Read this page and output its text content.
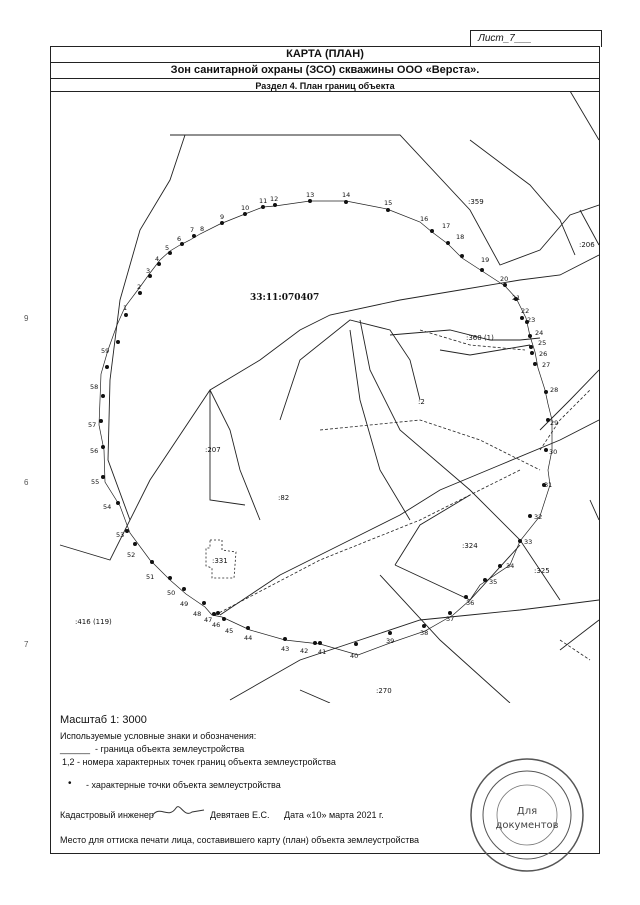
Лист_7___
КАРТА (ПЛАН)
Зон санитарной охраны (ЗСО) скважины ООО «Верста».
Раздел 4. План границ объекта
9
6
7
1
2
3
4
5
6
7 8
9
10
11 12	13	14
15
16
17
18
19
20
21
22
23
24
25
26
27
28
29
30
31
32
33
34
35
36
37
38
39
40
41
42
43
44
45
46
47
48
49
50
51
52
53
54
55
56
57
58
59
33:11:070407
:359
:206
:360 (1)
:2
:207
:82
:331
:324
:325
:416 (119)
:270
Масштаб 1: 3000
Используемые условные знаки и обозначения:
______ - граница объекта землеустройства
1,2 - номера характерных точек границ объекта землеустройства
• - характерные точки объекта землеустройства
Кадастровый инженер	Девятаев Е.С. Дата «10» марта 2021 г.
Место для оттиска печати лица, составившего карту (план) объекта землеустройства
Для
документов
